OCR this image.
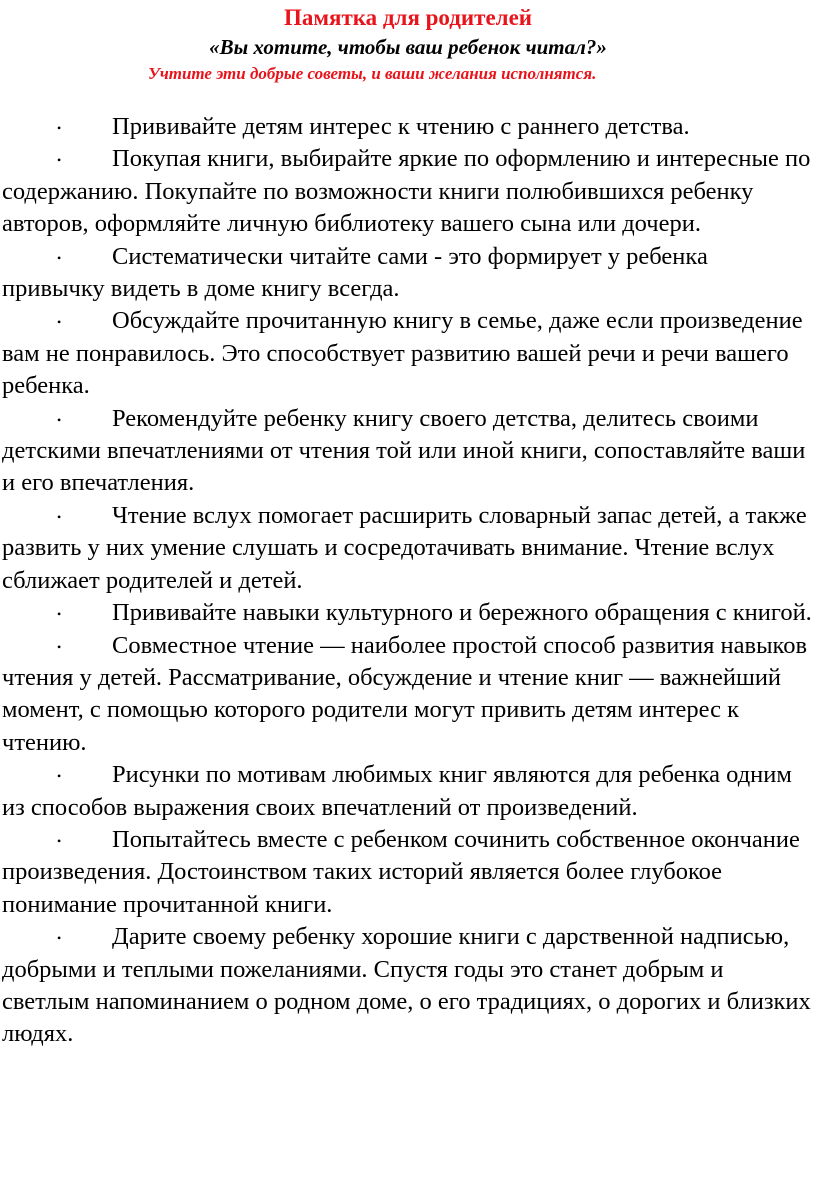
Памятка для родителей
«Вы хотите, чтобы ваш ребенок читал?»
Учтите эти добрые советы, и ваши желания исполнятся.
• Прививайте детям интерес к чтению с раннего детства.
• Покупая книги, выбирайте яркие по оформлению и интересные по содержанию. Покупайте по возможности книги полюбившихся ребенку авторов, оформляйте личную библиотеку вашего сына или дочери.
• Систематически читайте сами - это формирует у ребенка привычку видеть в доме книгу всегда.
• Обсуждайте прочитанную книгу в семье, даже если произведение вам не понравилось. Это способствует развитию вашей речи и речи вашего ребенка.
• Рекомендуйте ребенку книгу своего детства, делитесь своими детскими впечатлениями от чтения той или иной книги, сопоставляйте ваши и его впечатления.
• Чтение вслух помогает расширить словарный запас детей, а также развить у них умение слушать и сосредотачивать внимание. Чтение вслух сближает родителей и детей.
• Прививайте навыки культурного и бережного обращения с книгой.
• Совместное чтение — наиболее простой способ развития навыков чтения у детей. Рассматривание, обсуждение и чтение книг — важнейший момент, с помощью которого родители могут привить детям интерес к чтению.
• Рисунки по мотивам любимых книг являются для ребенка одним из способов выражения своих впечатлений от произведений.
• Попытайтесь вместе с ребенком сочинить собственное окончание произведения. Достоинством таких историй является более глубокое понимание прочитанной книги.
• Дарите своему ребенку хорошие книги с дарственной надписью, добрыми и теплыми пожеланиями. Спустя годы это станет добрым и светлым напоминанием о родном доме, о его традициях, о дорогих и близких людях.
